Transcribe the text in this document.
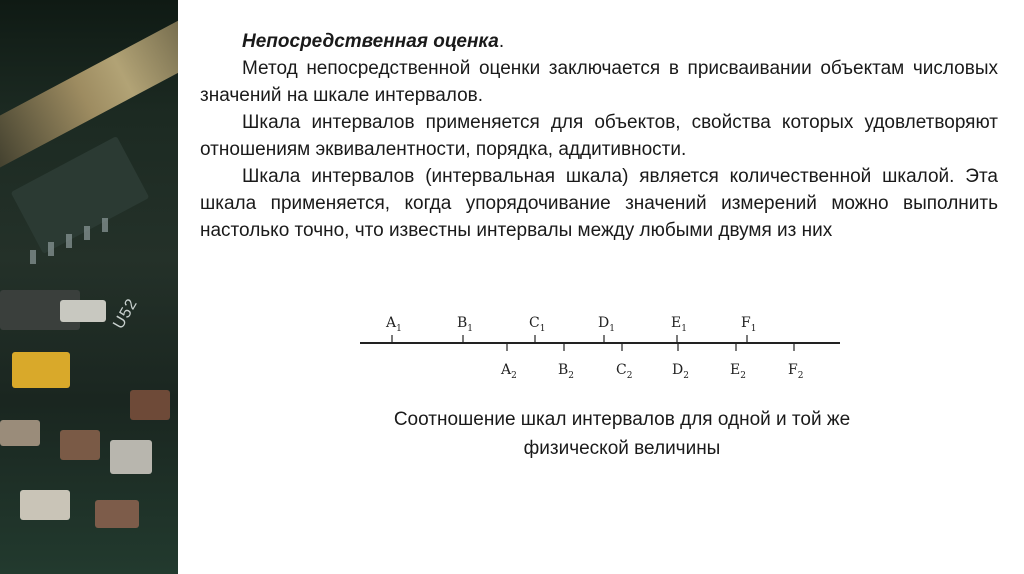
U52
Непосредственная оценка.

Метод непосредственной оценки заключается в присваивании объектам числовых значений на шкале интервалов.

Шкала интервалов применяется для объектов, свойства которых удовлетворяют отношениям эквивалентности, порядка, аддитивности.

Шкала интервалов (интервальная шкала) является количественной шкалой. Эта шкала применяется, когда упорядочивание значений измерений можно выполнить настолько точно, что известны интервалы между любыми двумя из них

$A_1$	$B_1$	$C_1$	$D_1$	$E_1$	$F_1$
$A_2$	$B_2$	$C_2$	$D_2$	$E_2$	$F_2$
Соотношение шкал интервалов для одной и той же
физической величины
